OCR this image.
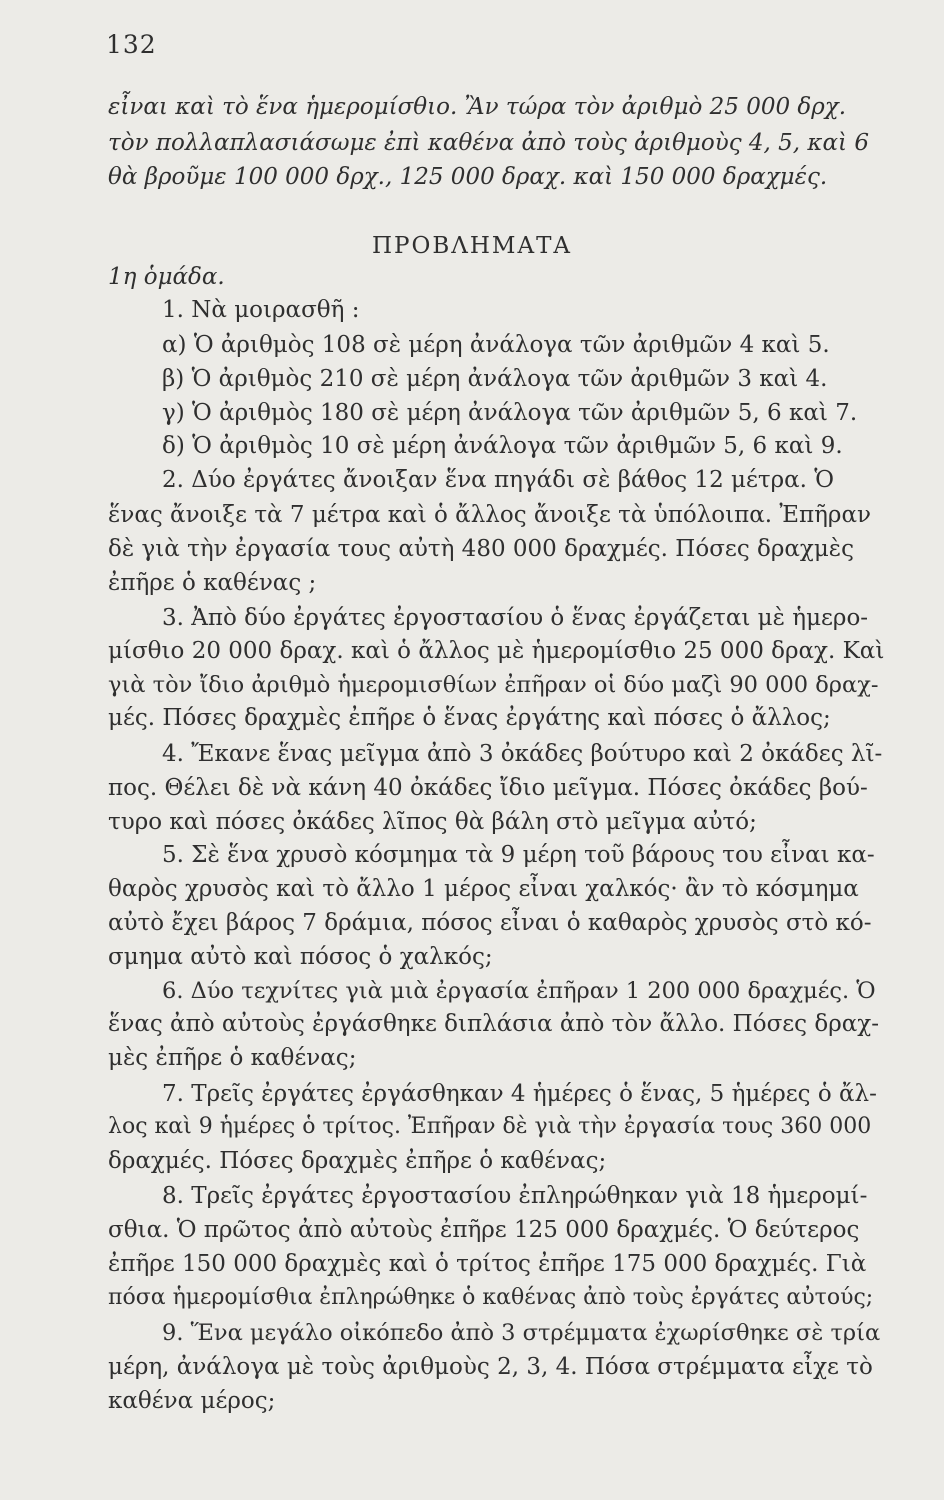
132
εἶναι καὶ τὸ ἕνα ἡμερομίσθιο. Ἂν τώρα τὸν ἀριθμὸ 25 000 δρχ.
τὸν πολλαπλασιάσωμε ἐπὶ καθένα ἀπὸ τοὺς ἀριθμοὺς 4, 5, καὶ 6
θὰ βροῦμε 100 000 δρχ., 125 000 δραχ. καὶ 150 000 δραχμές.
ΠΡΟΒΛΗΜΑΤΑ
1η ὁμάδα.
1. Νὰ μοιρασθῆ :
α) Ὁ ἀριθμὸς 108 σὲ μέρη ἀνάλογα τῶν ἀριθμῶν 4 καὶ 5.
β) Ὁ ἀριθμὸς 210 σὲ μέρη ἀνάλογα τῶν ἀριθμῶν 3 καὶ 4.
γ) Ὁ ἀριθμὸς 180 σὲ μέρη ἀνάλογα τῶν ἀριθμῶν 5, 6 καὶ 7.
δ) Ὁ ἀριθμὸς 10 σὲ μέρη ἀνάλογα τῶν ἀριθμῶν 5, 6 καὶ 9.
2. Δύο ἐργάτες ἄνοιξαν ἕνα πηγάδι σὲ βάθος 12 μέτρα. Ὁ
ἕνας ἄνοιξε τὰ 7 μέτρα καὶ ὁ ἄλλος ἄνοιξε τὰ ὑπόλοιπα. Ἐπῆραν
δὲ γιὰ τὴν ἐργασία τους αὐτὴ 480 000 δραχμές. Πόσες δραχμὲς
ἐπῆρε ὁ καθένας ;
3. Ἀπὸ δύο ἐργάτες ἐργοστασίου ὁ ἕνας ἐργάζεται μὲ ἡμερο-
μίσθιο 20 000 δραχ. καὶ ὁ ἄλλος μὲ ἡμερομίσθιο 25 000 δραχ. Καὶ
γιὰ τὸν ἴδιο ἀριθμὸ ἡμερομισθίων ἐπῆραν οἱ δύο μαζὶ 90 000 δραχ-
μές. Πόσες δραχμὲς ἐπῆρε ὁ ἕνας ἐργάτης καὶ πόσες ὁ ἄλλος;
4. Ἔκανε ἕνας μεῖγμα ἀπὸ 3 ὀκάδες βούτυρο καὶ 2 ὀκάδες λῖ-
πος. Θέλει δὲ νὰ κάνη 40 ὀκάδες ἴδιο μεῖγμα. Πόσες ὀκάδες βού-
τυρο καὶ πόσες ὀκάδες λῖπος θὰ βάλη στὸ μεῖγμα αὐτό;
5. Σὲ ἕνα χρυσὸ κόσμημα τὰ 9 μέρη τοῦ βάρους του εἶναι κα-
θαρὸς χρυσὸς καὶ τὸ ἄλλο 1 μέρος εἶναι χαλκός· ἂν τὸ κόσμημα
αὐτὸ ἔχει βάρος 7 δράμια, πόσος εἶναι ὁ καθαρὸς χρυσὸς στὸ κό-
σμημα αὐτὸ καὶ πόσος ὁ χαλκός;
6. Δύο τεχνίτες γιὰ μιὰ ἐργασία ἐπῆραν 1 200 000 δραχμές. Ὁ
ἕνας ἀπὸ αὐτοὺς ἐργάσθηκε διπλάσια ἀπὸ τὸν ἄλλο. Πόσες δραχ-
μὲς ἐπῆρε ὁ καθένας;
7. Τρεῖς ἐργάτες ἐργάσθηκαν 4 ἡμέρες ὁ ἕνας, 5 ἡμέρες ὁ ἄλ-
λος καὶ 9 ἡμέρες ὁ τρίτος. Ἐπῆραν δὲ γιὰ τὴν ἐργασία τους 360 000
δραχμές. Πόσες δραχμὲς ἐπῆρε ὁ καθένας;
8. Τρεῖς ἐργάτες ἐργοστασίου ἐπληρώθηκαν γιὰ 18 ἡμερομί-
σθια. Ὁ πρῶτος ἀπὸ αὐτοὺς ἐπῆρε 125 000 δραχμές. Ὁ δεύτερος
ἐπῆρε 150 000 δραχμὲς καὶ ὁ τρίτος ἐπῆρε 175 000 δραχμές. Γιὰ
πόσα ἡμερομίσθια ἐπληρώθηκε ὁ καθένας ἀπὸ τοὺς ἐργάτες αὐτούς;
9. Ἕνα μεγάλο οἰκόπεδο ἀπὸ 3 στρέμματα ἐχωρίσθηκε σὲ τρία
μέρη, ἀνάλογα μὲ τοὺς ἀριθμοὺς 2, 3, 4. Πόσα στρέμματα εἶχε τὸ
καθένα μέρος;
